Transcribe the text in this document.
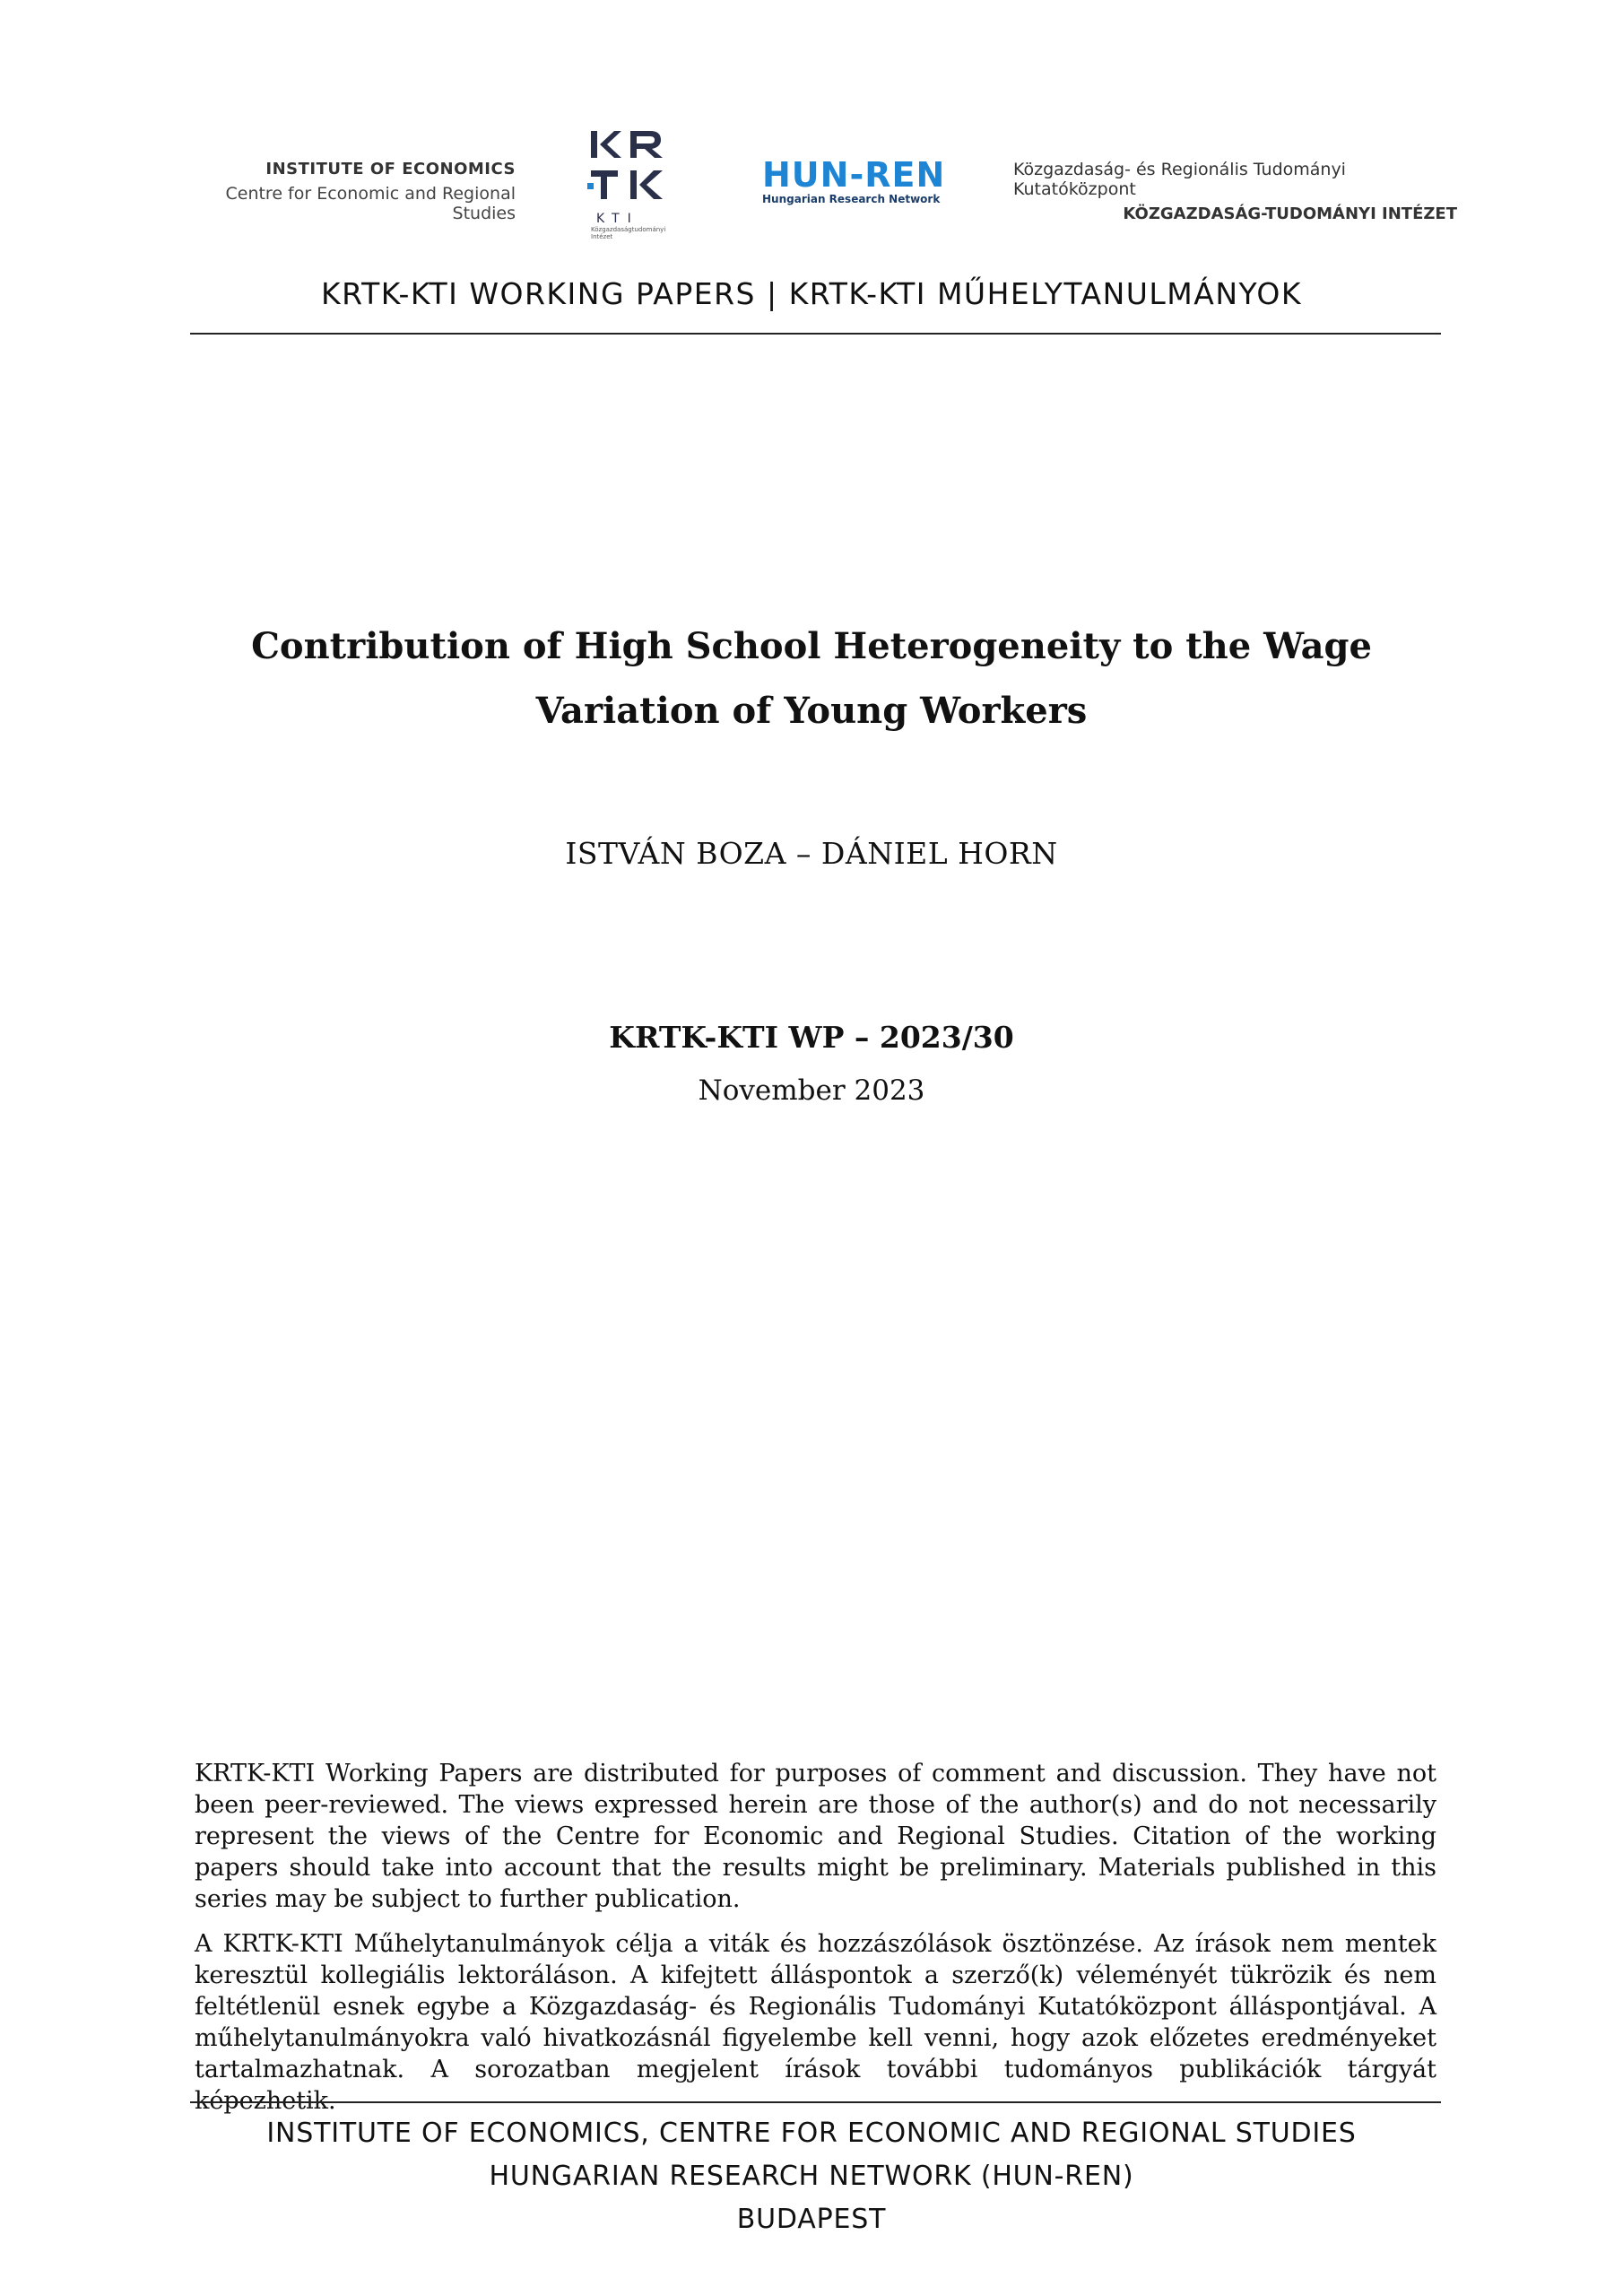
INSTITUTE OF ECONOMICS
Centre for Economic and Regional Studies	KTI
Közgazdaságtudományi Intézet
HUN-REN
Hungarian Research Network
Közgazdaság- és Regionális Tudományi Kutatóközpont
KÖZGAZDASÁG-TUDOMÁNYI INTÉZET
KRTK-KTI WORKING PAPERS | KRTK-KTI MŰHELYTANULMÁNYOK
Contribution of High School Heterogeneity to the Wage
Variation of Young Workers
ISTVÁN BOZA – DÁNIEL HORN
KRTK-KTI WP – 2023/30
November 2023
KRTK-KTI Working Papers are distributed for purposes of comment and discussion. They have not been peer-reviewed. The views expressed herein are those of the author(s) and do not necessarily represent the views of the Centre for Economic and Regional Studies. Citation of the working papers should take into account that the results might be preliminary. Materials published in this series may be subject to further publication.
A KRTK-KTI Műhelytanulmányok célja a viták és hozzászólások ösztönzése. Az írások nem mentek keresztül kollegiális lektoráláson. A kifejtett álláspontok a szerző(k) véleményét tükrözik és nem feltétlenül esnek egybe a Közgazdaság- és Regionális Tudományi Kutatóközpont álláspontjával. A műhelytanulmányokra való hivatkozásnál figyelembe kell venni, hogy azok előzetes eredményeket tartalmazhatnak. A sorozatban megjelent írások további tudományos publikációk tárgyát képezhetik.
INSTITUTE OF ECONOMICS, CENTRE FOR ECONOMIC AND REGIONAL STUDIES
HUNGARIAN RESEARCH NETWORK (HUN-REN)
BUDAPEST
